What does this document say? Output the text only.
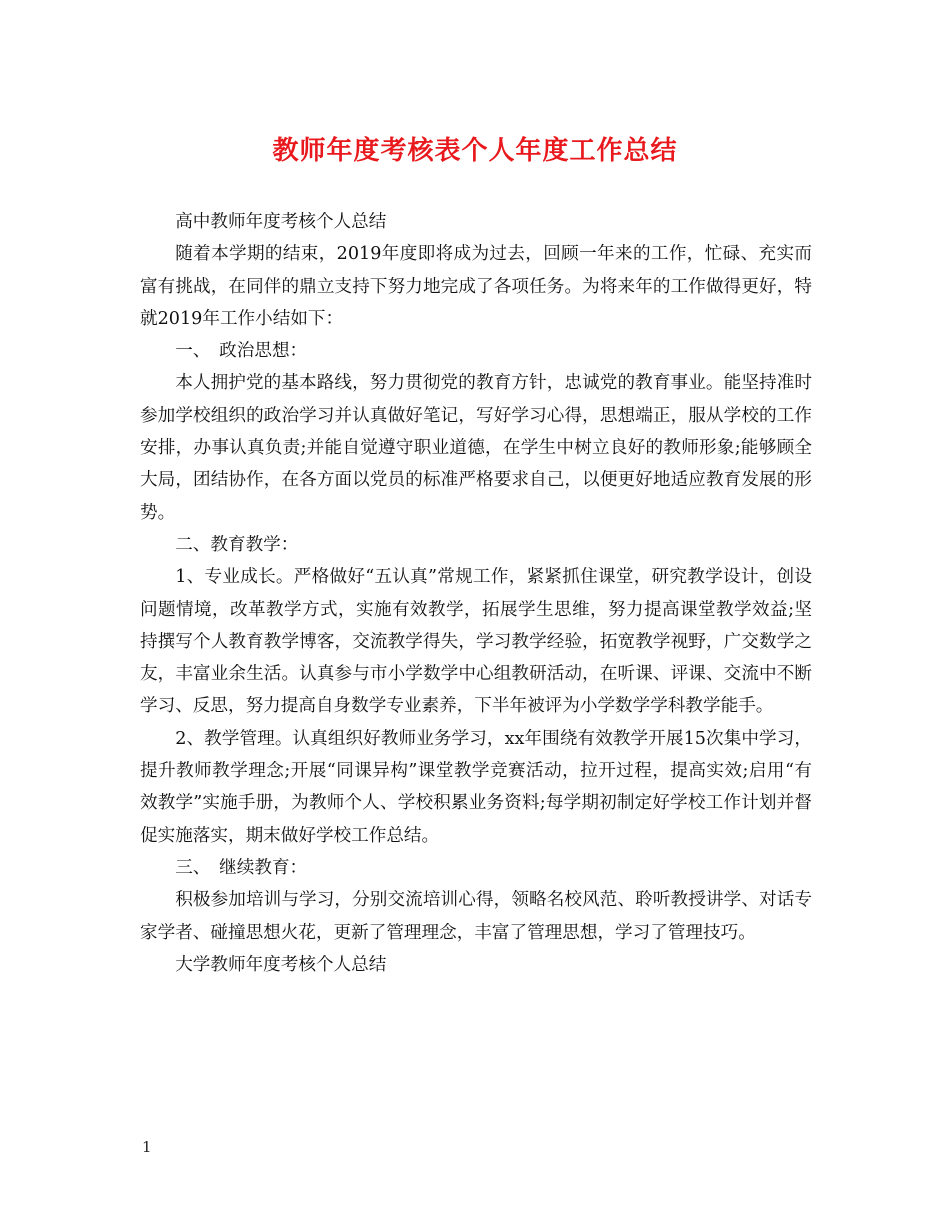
教师年度考核表个人年度工作总结

高中教师年度考核个人总结

随着本学期的结束，2019年度即将成为过去，回顾一年来的工作，忙碌、充实而富有挑战，在同伴的鼎立支持下努力地完成了各项任务。为将来年的工作做得更好，特就2019年工作小结如下：

一、　政治思想：

本人拥护党的基本路线，努力贯彻党的教育方针，忠诚党的教育事业。能坚持准时参加学校组织的政治学习并认真做好笔记，写好学习心得，思想端正，服从学校的工作安排，办事认真负责;并能自觉遵守职业道德，在学生中树立良好的教师形象;能够顾全大局，团结协作，在各方面以党员的标准严格要求自己，以便更好地适应教育发展的形势。

二、教育教学：

1、专业成长。严格做好“五认真”常规工作，紧紧抓住课堂，研究教学设计，创设问题情境，改革教学方式，实施有效教学，拓展学生思维，努力提高课堂教学效益;坚持撰写个人教育教学博客，交流教学得失，学习教学经验，拓宽教学视野，广交数学之友，丰富业余生活。认真参与市小学数学中心组教研活动，在听课、评课、交流中不断学习、反思，努力提高自身数学专业素养，下半年被评为小学数学学科教学能手。

2、教学管理。认真组织好教师业务学习，xx年围绕有效教学开展15次集中学习，提升教师教学理念;开展“同课异构”课堂教学竞赛活动，拉开过程，提高实效;启用“有效教学”实施手册，为教师个人、学校积累业务资料;每学期初制定好学校工作计划并督促实施落实，期末做好学校工作总结。

三、　继续教育：

积极参加培训与学习，分别交流培训心得，领略名校风范、聆听教授讲学、对话专家学者、碰撞思想火花，更新了管理理念，丰富了管理思想，学习了管理技巧。

大学教师年度考核个人总结

1
